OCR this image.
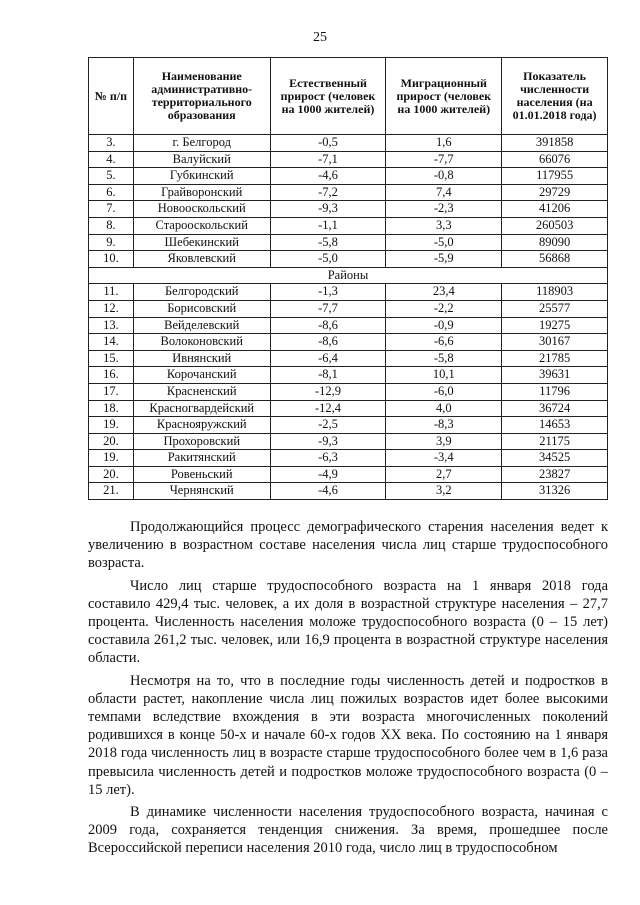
25
№ п/п	Наименование административно-территориального образования	Естественный прирост (человек на 1000 жителей)	Миграционный прирост (человек на 1000 жителей)	Показатель численности населения (на 01.01.2018 года)
3.	г. Белгород	-0,5	1,6	391858
4.	Валуйский	-7,1	-7,7	66076
5.	Губкинский	-4,6	-0,8	117955
6.	Грайворонский	-7,2	7,4	29729
7.	Новооскольский	-9,3	-2,3	41206
8.	Старооскольский	-1,1	3,3	260503
9.	Шебекинский	-5,8	-5,0	89090
10.	Яковлевский	-5,0	-5,9	56868
Районы				
11.	Белгородский	-1,3	23,4	118903
12.	Борисовский	-7,7	-2,2	25577
13.	Вейделевский	-8,6	-0,9	19275
14.	Волоконовский	-8,6	-6,6	30167
15.	Ивнянский	-6,4	-5,8	21785
16.	Корочанский	-8,1	10,1	39631
17.	Красненский	-12,9	-6,0	11796
18.	Красногвардейский	-12,4	4,0	36724
19.	Краснояружский	-2,5	-8,3	14653
20.	Прохоровский	-9,3	3,9	21175
19.	Ракитянский	-6,3	-3,4	34525
20.	Ровеньский	-4,9	2,7	23827
21.	Чернянский	-4,6	3,2	31326

Продолжающийся процесс демографического старения населения ведет к увеличению в возрастном составе населения числа лиц старше трудоспособного возраста.

Число лиц старше трудоспособного возраста на 1 января 2018 года составило 429,4 тыс. человек, а их доля в возрастной структуре населения – 27,7 процента. Численность населения моложе трудоспособного возраста (0 – 15 лет) составила 261,2 тыс. человек, или 16,9 процента в возрастной структуре населения области.

Несмотря на то, что в последние годы численность детей и подростков в области растет, накопление числа лиц пожилых возрастов идет более высокими темпами вследствие вхождения в эти возраста многочисленных поколений родившихся в конце 50-х и начале 60-х годов XX века. По состоянию на 1 января 2018 года численность лиц в возрасте старше трудоспособного более чем в 1,6 раза превысила численность детей и подростков моложе трудоспособного возраста (0 – 15 лет).

В динамике численности населения трудоспособного возраста, начиная с 2009 года, сохраняется тенденция снижения. За время, прошедшее после Всероссийской переписи населения 2010 года, число лиц в трудоспособном
